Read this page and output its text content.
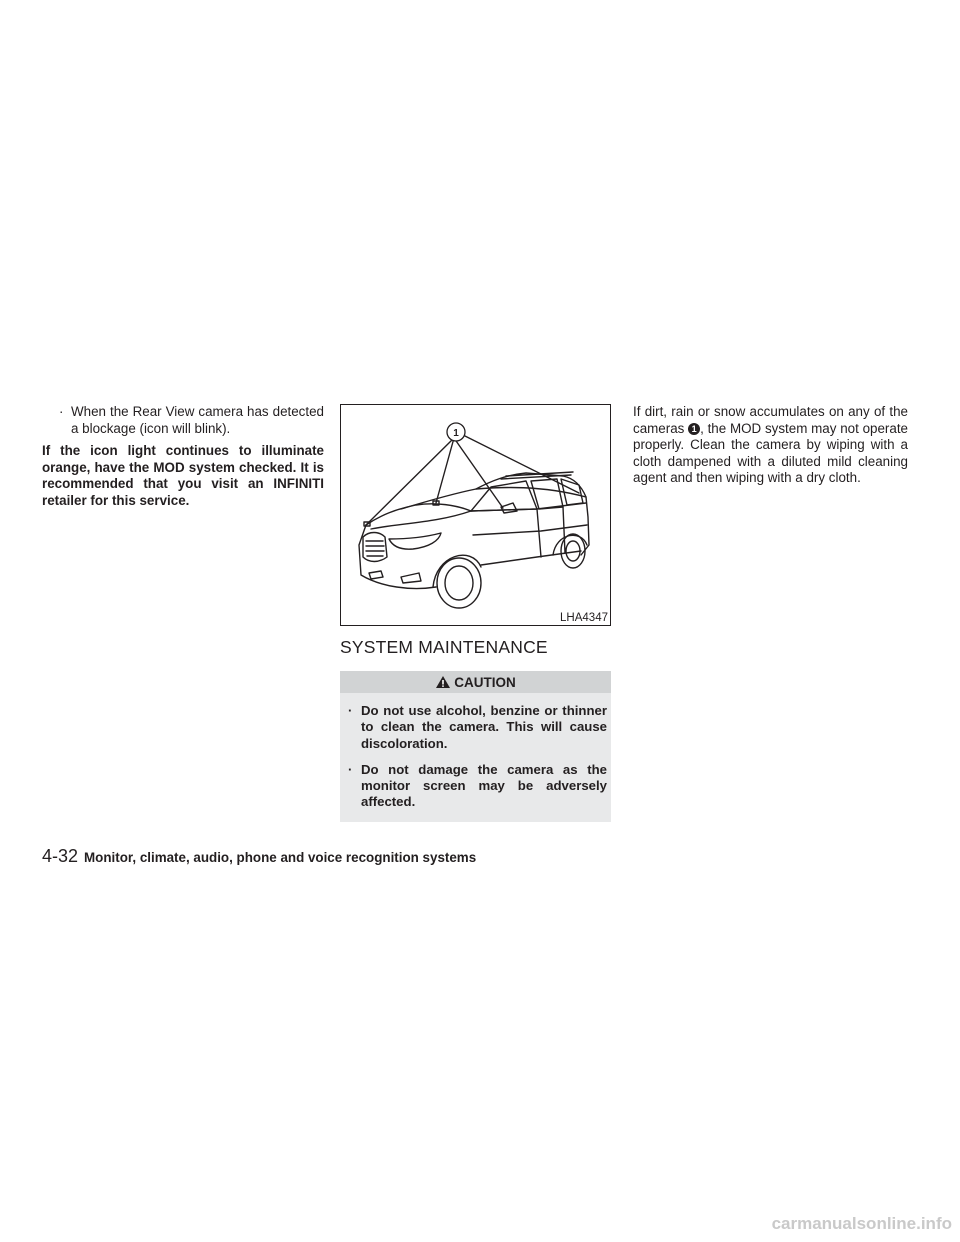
· When the Rear View camera has detected a blockage (icon will blink).
If the icon light continues to illuminate orange, have the MOD system checked. It is recommended that you visit an INFINITI retailer for this service.
1
LHA4347
SYSTEM MAINTENANCE
CAUTION
· Do not use alcohol, benzine or thinner to clean the camera. This will cause discoloration.
· Do not damage the camera as the monitor screen may be adversely affected.
If dirt, rain or snow accumulates on any of the cameras 1 , the MOD system may not operate properly. Clean the camera by wiping with a cloth dampened with a diluted mild cleaning agent and then wiping with a dry cloth.
4-32 Monitor, climate, audio, phone and voice recognition systems
carmanualsonline.info
